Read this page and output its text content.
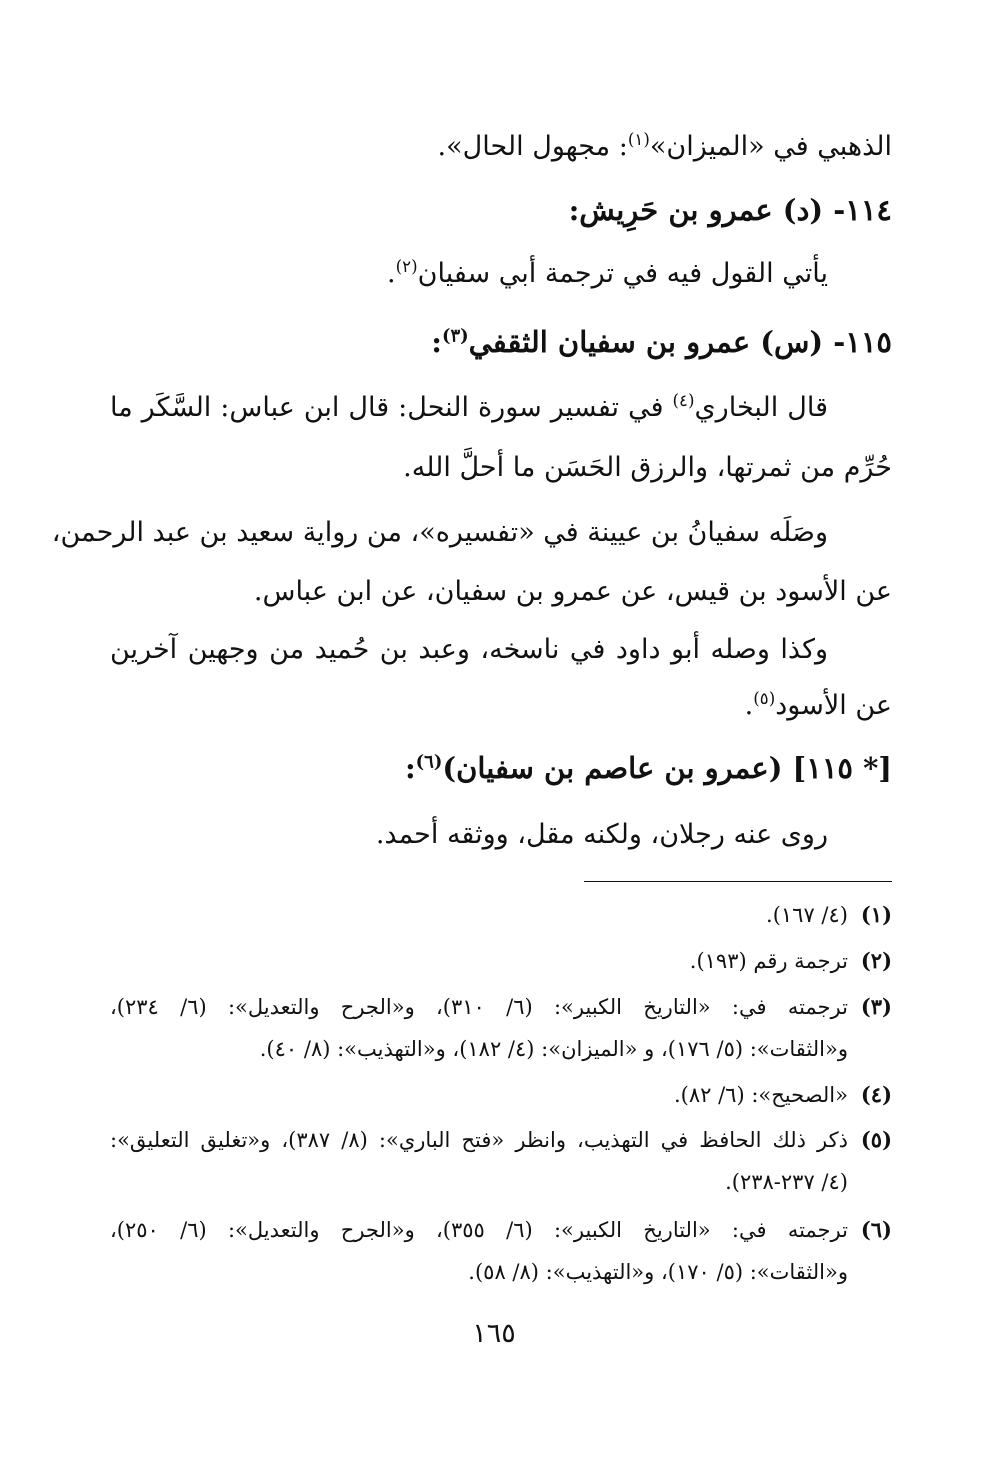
الذهبي في «الميزان»$^{(١)}$: مجهول الحال».
١١٤- (د) عمرو بن حَرِيش:
يأتي القول فيه في ترجمة أبي سفيان$^{(٢)}$.
١١٥- (س) عمرو بن سفيان الثقفي$^{(٣)}$:
قال البخاري$^{(٤)}$ في تفسير سورة النحل: قال ابن عباس: السَّكَر ما
حُرِّم من ثمرتها، والرزق الحَسَن ما أحلَّ الله.
وصَلَه سفيانُ بن عيينة في «تفسيره»، من رواية سعيد بن عبد الرحمن،
عن الأسود بن قيس، عن عمرو بن سفيان، عن ابن عباس.
وكذا وصله أبو داود في ناسخه، وعبد بن حُميد من وجهين آخرين
عن الأسود$^{(٥)}$.
[* ١١٥] (عمرو بن عاصم بن سفيان)$^{(٦)}$:
روى عنه رجلان، ولكنه مقل، ووثقه أحمد.
(١)(٤/ ١٦٧).
(٢)ترجمة رقم (١٩٣).
(٣)ترجمته في: «التاريخ الكبير»: (٦/ ٣١٠)، و«الجرح والتعديل»: (٦/ ٢٣٤)،
و«الثقات»: (٥/ ١٧٦)، و «الميزان»: (٤/ ١٨٢)، و«التهذيب»: (٨/ ٤٠).
(٤)«الصحيح»: (٦/ ٨٢).
(٥)ذكر ذلك الحافظ في التهذيب، وانظر «فتح الباري»: (٨/ ٣٨٧)، و«تغليق التعليق»:
(٤/ ٢٣٧-٢٣٨).
(٦)ترجمته في: «التاريخ الكبير»: (٦/ ٣٥٥)، و«الجرح والتعديل»: (٦/ ٢٥٠)،
و«الثقات»: (٥/ ١٧٠)، و«التهذيب»: (٨/ ٥٨).
١٦٥
